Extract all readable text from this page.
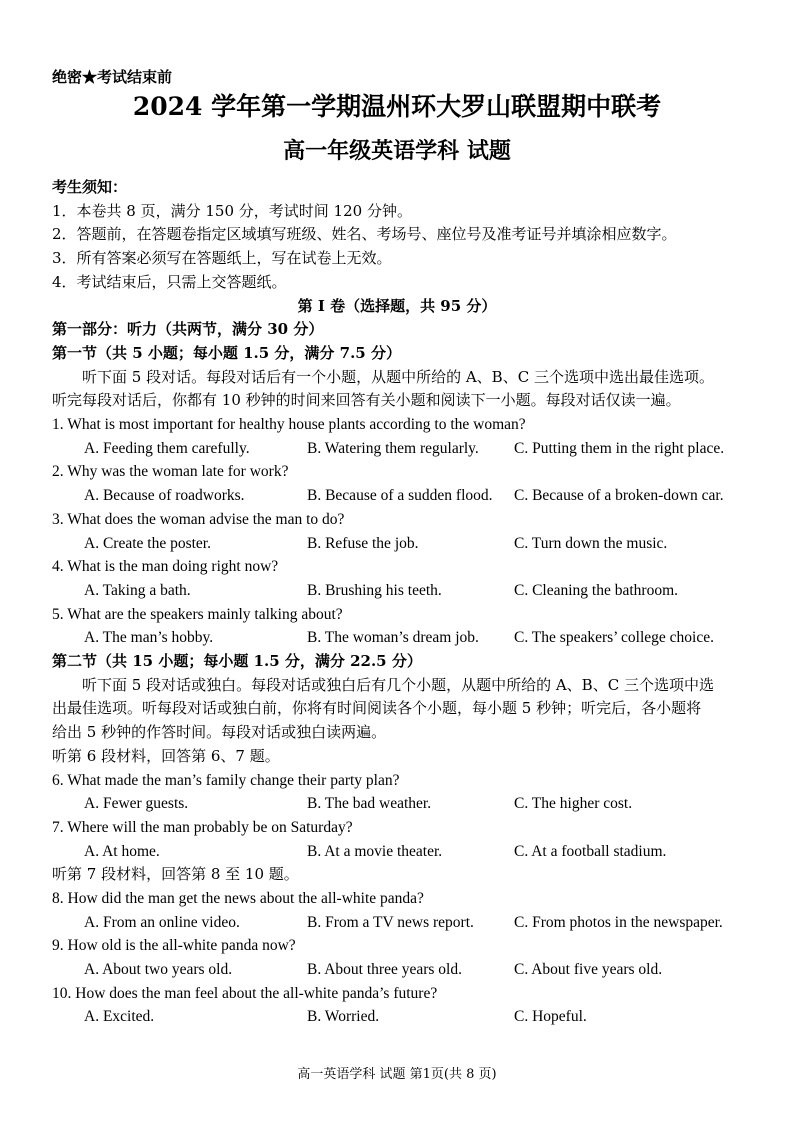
绝密★考试结束前
2024 学年第一学期温州环大罗山联盟期中联考
高一年级英语学科 试题
考生须知：
1．本卷共 8 页，满分 150 分，考试时间 120 分钟。
2．答题前，在答题卷指定区域填写班级、姓名、考场号、座位号及准考证号并填涂相应数字。
3．所有答案必须写在答题纸上，写在试卷上无效。
4．考试结束后，只需上交答题纸。
第 I 卷（选择题，共 95 分）
第一部分：听力（共两节，满分 30 分）
第一节（共 5 小题；每小题 1.5 分，满分 7.5 分）
听下面 5 段对话。每段对话后有一个小题，从题中所给的 A、B、C 三个选项中选出最佳选项。
听完每段对话后，你都有 10 秒钟的时间来回答有关小题和阅读下一小题。每段对话仅读一遍。
1. What is most important for healthy house plants according to the woman?
A. Feeding them carefully.	B. Watering them regularly. C. Putting them in the right place.
2. Why was the woman late for work?
A. Because of roadworks.	B. Because of a sudden flood. C. Because of a broken-down car.
3. What does the woman advise the man to do?
A. Create the poster.	B. Refuse the job.	C. Turn down the music.
4. What is the man doing right now?
A. Taking a bath.	B. Brushing his teeth.	C. Cleaning the bathroom.
5. What are the speakers mainly talking about?
A. The man’s hobby.	B. The woman’s dream job. C. The speakers’ college choice.
第二节（共 15 小题；每小题 1.5 分，满分 22.5 分）
听下面 5 段对话或独白。每段对话或独白后有几个小题，从题中所给的 A、B、C 三个选项中选
出最佳选项。听每段对话或独白前，你将有时间阅读各个小题，每小题 5 秒钟；听完后，各小题将
给出 5 秒钟的作答时间。每段对话或独白读两遍。
听第 6 段材料，回答第 6、7 题。
6. What made the man’s family change their party plan?
A. Fewer guests.	B. The bad weather.	C. The higher cost.
7. Where will the man probably be on Saturday?
A. At home.	B. At a movie theater.	C. At a football stadium.
听第 7 段材料，回答第 8 至 10 题。
8. How did the man get the news about the all-white panda?
A. From an online video.	B. From a TV news report.	C. From photos in the newspaper.
9. How old is the all-white panda now?
A. About two years old.	B. About three years old.	C. About five years old.
10. How does the man feel about the all-white panda’s future?
A. Excited.	B. Worried.	C. Hopeful.
高一英语学科 试题 第1页(共 8 页)
